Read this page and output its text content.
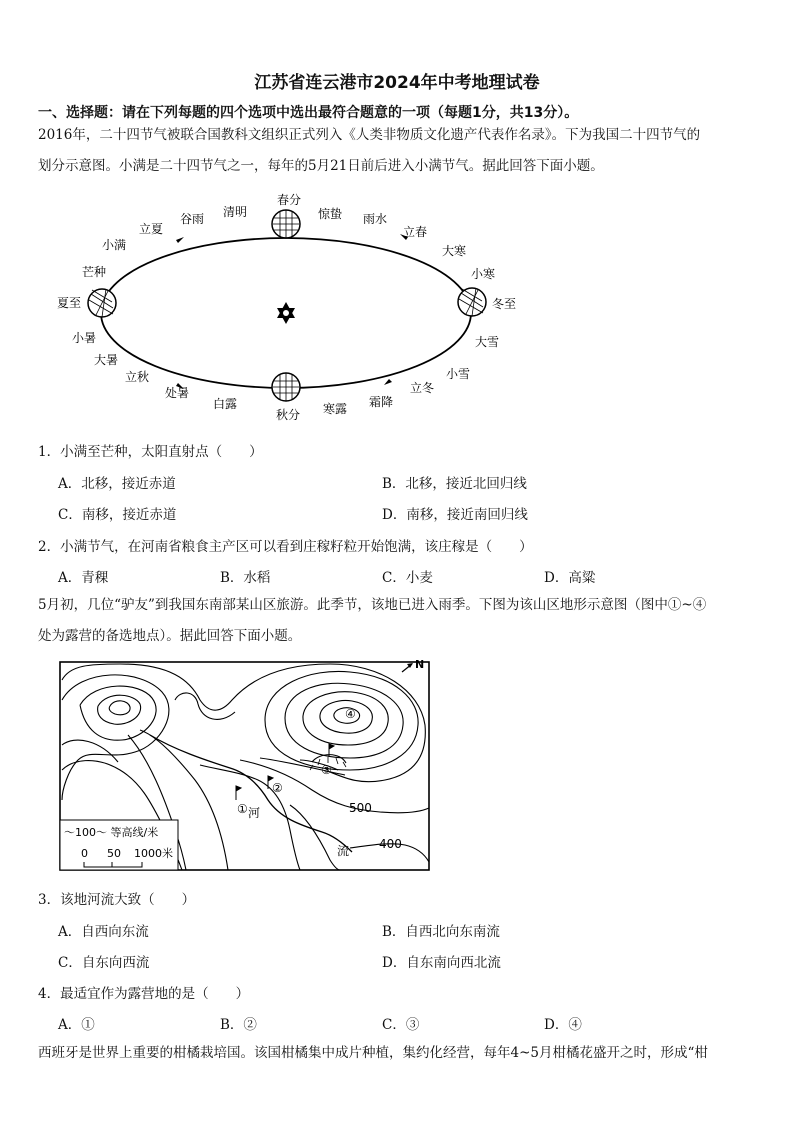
江苏省连云港市2024年中考地理试卷
一、选择题：请在下列每题的四个选项中选出最符合题意的一项（每题1分，共13分）。
2016年，二十四节气被联合国教科文组织正式列入《人类非物质文化遗产代表作名录》。下为我国二十四节气的
划分示意图。小满是二十四节气之一，每年的5月21日前后进入小满节气。据此回答下面小题。
春分
惊蛰 雨水
立春
大寒
小寒
冬至
大雪
小雪
立冬
霜降
寒露
秋分
白露
处暑
立秋
大暑
小暑
夏至
芒种
小满
立夏
谷雨 清明
1．小满至芒种，太阳直射点（　　）
A．北移，接近赤道	B．北移，接近北回归线
C．南移，接近赤道	D．南移，接近南回归线
2．小满节气，在河南省粮食主产区可以看到庄稼籽粒开始饱满，该庄稼是（　　）
A．青稞	B．水稻	C．小麦	D．高粱
5月初，几位“驴友”到我国东南部某山区旅游。此季节，该地已进入雨季。下图为该山区地形示意图（图中①~④
处为露营的备选地点）。据此回答下面小题。
N
④
③
②
① 河
流
500
400
～100～ 等高线/米
0 50 1000米
3．该地河流大致（　　）
A．自西向东流	B．自西北向东南流
C．自东向西流	D．自东南向西北流
4．最适宜作为露营地的是（　　）
A．①	B．②	C．③	D．④
西班牙是世界上重要的柑橘栽培国。该国柑橘集中成片种植，集约化经营，每年4~5月柑橘花盛开之时，形成“柑
